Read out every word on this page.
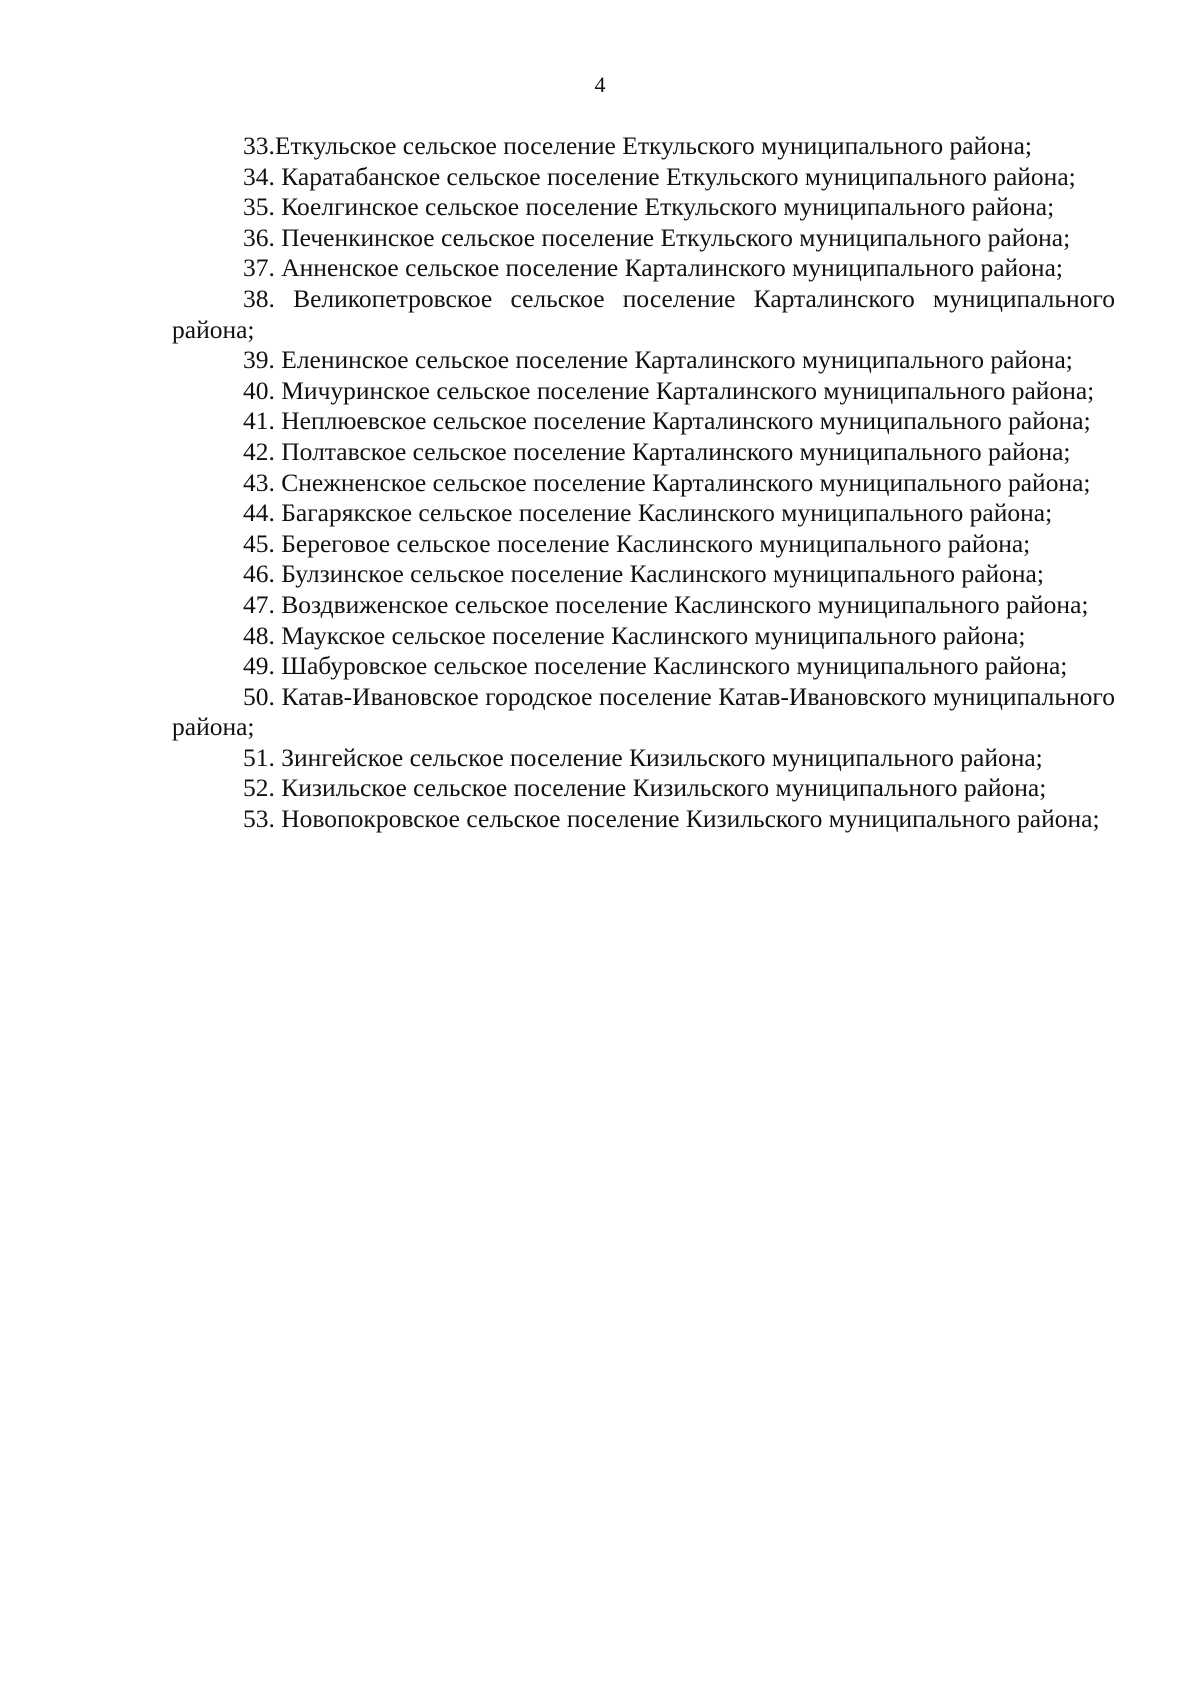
4

33.Еткульское сельское поселение Еткульского муниципального района;

34. Каратабанское сельское поселение Еткульского муниципального района;

35. Коелгинское сельское поселение Еткульского муниципального района;

36. Печенкинское сельское поселение Еткульского муниципального района;

37. Анненское сельское поселение Карталинского муниципального района;

38. Великопетровское сельское поселение Карталинского муниципального района;

39. Еленинское сельское поселение Карталинского муниципального района;

40. Мичуринское сельское поселение Карталинского муниципального района;

41. Неплюевское сельское поселение Карталинского муниципального района;

42. Полтавское сельское поселение Карталинского муниципального района;

43. Снежненское сельское поселение Карталинского муниципального района;

44. Багарякское сельское поселение Каслинского муниципального района;

45. Береговое сельское поселение Каслинского муниципального района;

46. Булзинское сельское поселение Каслинского муниципального района;

47. Воздвиженское сельское поселение Каслинского муниципального района;

48. Маукское сельское поселение Каслинского муниципального района;

49. Шабуровское сельское поселение Каслинского муниципального района;

50. Катав-Ивановское городское поселение Катав-Ивановского муниципального района;

51. Зингейское сельское поселение Кизильского муниципального района;

52. Кизильское сельское поселение Кизильского муниципального района;

53. Новопокровское сельское поселение Кизильского муниципального района;
